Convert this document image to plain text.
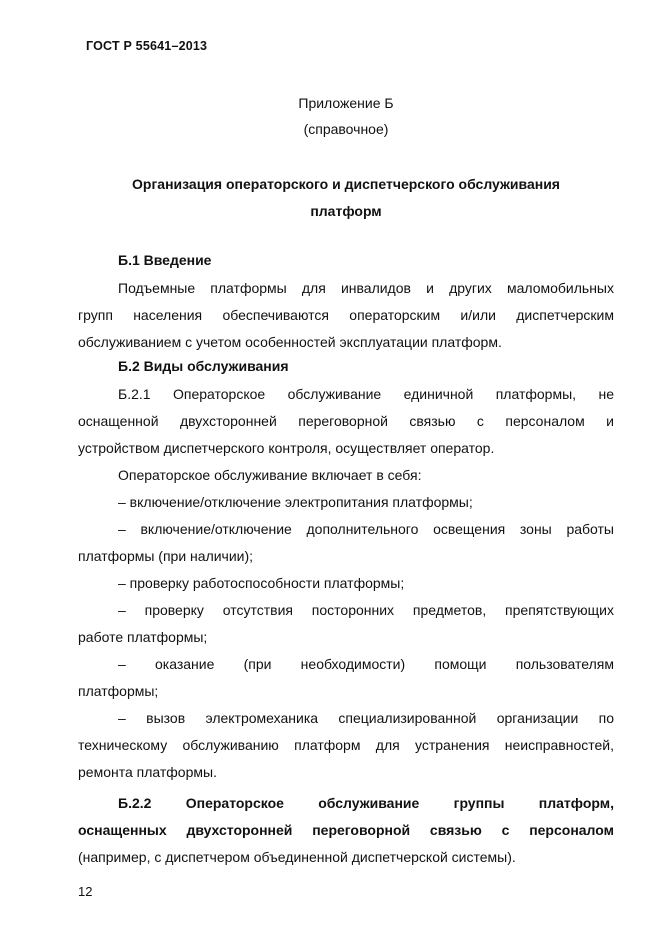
ГОСТ Р 55641–2013
Приложение Б
(справочное)
Организация операторского и диспетчерского обслуживания
платформ
Б.1 Введение
Подъемные платформы для инвалидов и других маломобильных
групп населения обеспечиваются операторским и/или диспетчерским
обслуживанием с учетом особенностей эксплуатации платформ.
Б.2 Виды обслуживания
Б.2.1 Операторское обслуживание единичной платформы, не
оснащенной двухсторонней переговорной связью с персоналом и
устройством диспетчерского контроля, осуществляет оператор.
Операторское обслуживание включает в себя:
– включение/отключение электропитания платформы;
– включение/отключение дополнительного освещения зоны работы
платформы (при наличии);
– проверку работоспособности платформы;
– проверку отсутствия посторонних предметов, препятствующих
работе платформы;
– оказание (при необходимости) помощи пользователям
платформы;
– вызов электромеханика специализированной организации по
техническому обслуживанию платформ для устранения неисправностей,
ремонта платформы.
Б.2.2 Операторское обслуживание группы платформ,
оснащенных двухсторонней переговорной связью с персоналом
(например, с диспетчером объединенной диспетчерской системы).
12
